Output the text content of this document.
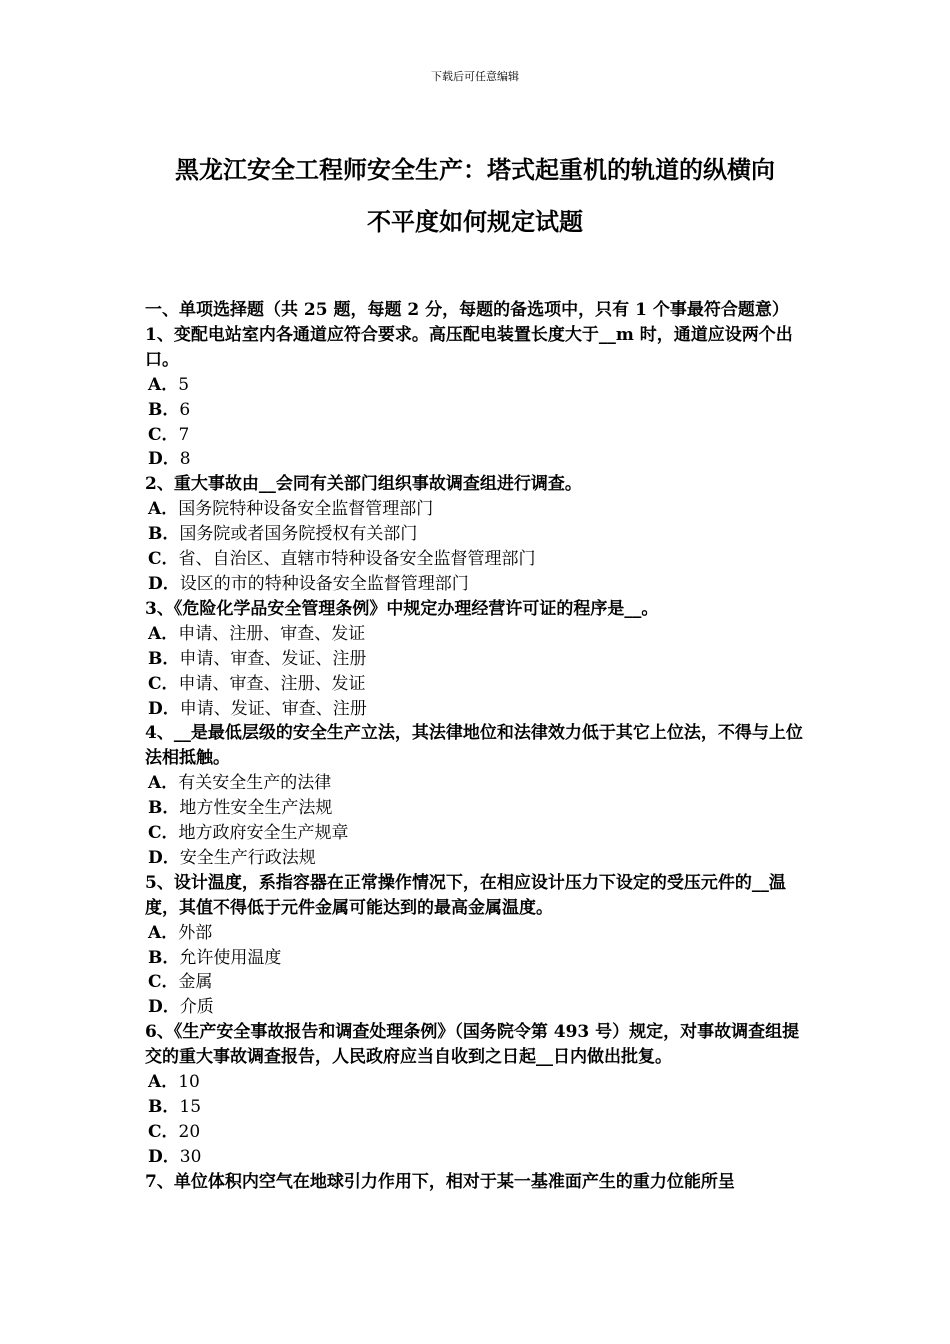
下载后可任意编辑
黑龙江安全工程师安全生产：塔式起重机的轨道的纵横向
不平度如何规定试题
一、单项选择题（共 25 题，每题 2 分，每题的备选项中，只有 1 个事最符合题意）
1、变配电站室内各通道应符合要求。高压配电装置长度大于__m 时，通道应设两个出口。
A．5
B．6
C．7
D．8
2、重大事故由__会同有关部门组织事故调查组进行调查。
A．国务院特种设备安全监督管理部门
B．国务院或者国务院授权有关部门
C．省、自治区、直辖市特种设备安全监督管理部门
D．设区的市的特种设备安全监督管理部门
3、《危险化学品安全管理条例》中规定办理经营许可证的程序是__。
A．申请、注册、审查、发证
B．申请、审查、发证、注册
C．申请、审查、注册、发证
D．申请、发证、审查、注册
4、__是最低层级的安全生产立法，其法律地位和法律效力低于其它上位法，不得与上位法相抵触。
A．有关安全生产的法律
B．地方性安全生产法规
C．地方政府安全生产规章
D．安全生产行政法规
5、设计温度，系指容器在正常操作情况下，在相应设计压力下设定的受压元件的__温度，其值不得低于元件金属可能达到的最高金属温度。
A．外部
B．允许使用温度
C．金属
D．介质
6、《生产安全事故报告和调查处理条例》（国务院令第 493 号）规定，对事故调查组提交的重大事故调查报告，人民政府应当自收到之日起__日内做出批复。
A．10
B．15
C．20
D．30
7、单位体积内空气在地球引力作用下，相对于某一基准面产生的重力位能所呈
